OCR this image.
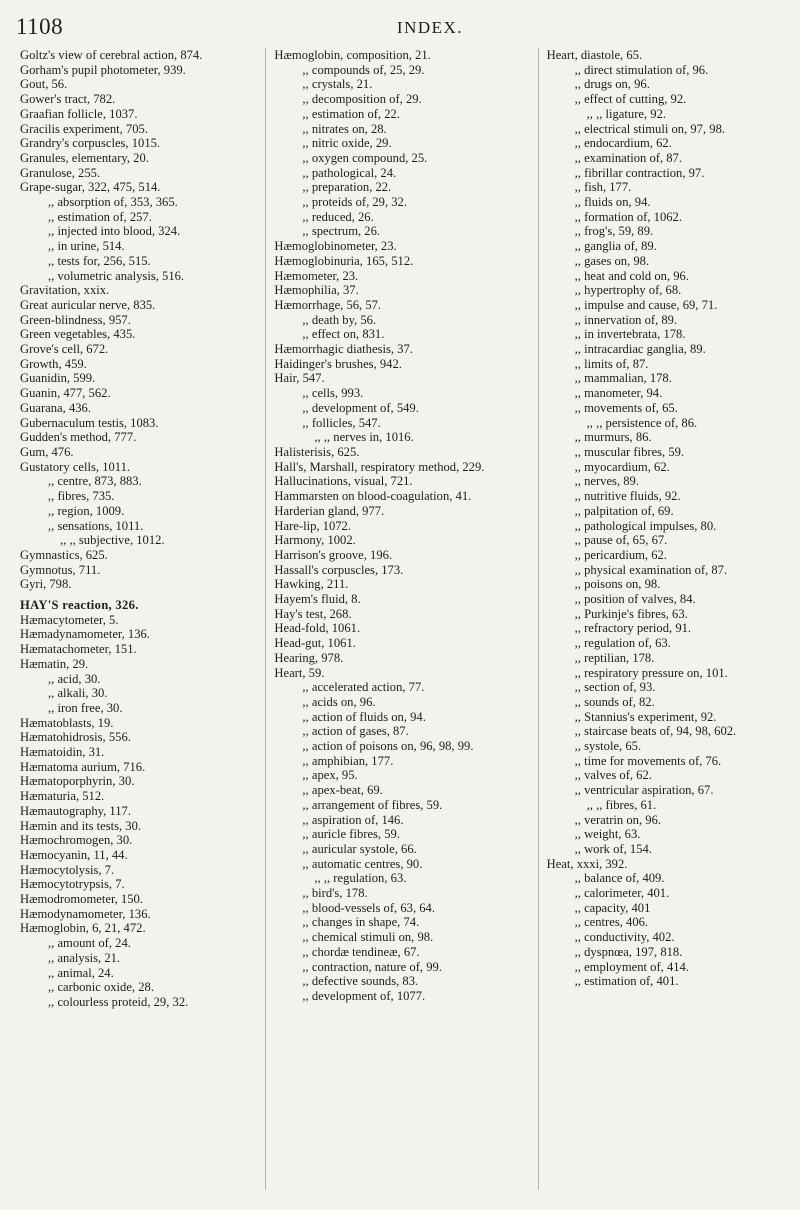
1108	INDEX.

Goltz's view of cerebral action, 874.

Gorham's pupil photometer, 939.

Gout, 56.

Gower's tract, 782.

Graafian follicle, 1037.

Gracilis experiment, 705.

Grandry's corpuscles, 1015.

Granules, elementary, 20.

Granulose, 255.

Grape-sugar, 322, 475, 514.

,, absorption of, 353, 365.

,, estimation of, 257.

,, injected into blood, 324.

,, in urine, 514.

,, tests for, 256, 515.

,, volumetric analysis, 516.

Gravitation, xxix.

Great auricular nerve, 835.

Green-blindness, 957.

Green vegetables, 435.

Grove's cell, 672.

Growth, 459.

Guanidin, 599.

Guanin, 477, 562.

Guarana, 436.

Gubernaculum testis, 1083.

Gudden's method, 777.

Gum, 476.

Gustatory cells, 1011.

,, centre, 873, 883.

,, fibres, 735.

,, region, 1009.

,, sensations, 1011.

,, ,, subjective, 1012.

Gymnastics, 625.

Gymnotus, 711.

Gyri, 798.

HAY'S reaction, 326.

Hæmacytometer, 5.

Hæmadynamometer, 136.

Hæmatachometer, 151.

Hæmatin, 29.

,, acid, 30.

,, alkali, 30.

,, iron free, 30.

Hæmatoblasts, 19.

Hæmatohidrosis, 556.

Hæmatoidin, 31.

Hæmatoma aurium, 716.

Hæmatoporphyrin, 30.

Hæmaturia, 512.

Hæmautography, 117.

Hæmin and its tests, 30.

Hæmochromogen, 30.

Hæmocyanin, 11, 44.

Hæmocytolysis, 7.

Hæmocytotrypsis, 7.

Hæmodromometer, 150.

Hæmodynamometer, 136.

Hæmoglobin, 6, 21, 472.

,, amount of, 24.

,, analysis, 21.

,, animal, 24.

,, carbonic oxide, 28.

,, colourless proteid, 29, 32.

Hæmoglobin, composition, 21.

,, compounds of, 25, 29.

,, crystals, 21.

,, decomposition of, 29.

,, estimation of, 22.

,, nitrates on, 28.

,, nitric oxide, 29.

,, oxygen compound, 25.

,, pathological, 24.

,, preparation, 22.

,, proteids of, 29, 32.

,, reduced, 26.

,, spectrum, 26.

Hæmoglobinometer, 23.

Hæmoglobinuria, 165, 512.

Hæmometer, 23.

Hæmophilia, 37.

Hæmorrhage, 56, 57.

,, death by, 56.

,, effect on, 831.

Hæmorrhagic diathesis, 37.

Haidinger's brushes, 942.

Hair, 547.

,, cells, 993.

,, development of, 549.

,, follicles, 547.

,, ,, nerves in, 1016.

Halisterisis, 625.

Hall's, Marshall, respiratory method, 229.

Hallucinations, visual, 721.

Hammarsten on blood-coagulation, 41.

Harderian gland, 977.

Hare-lip, 1072.

Harmony, 1002.

Harrison's groove, 196.

Hassall's corpuscles, 173.

Hawking, 211.

Hayem's fluid, 8.

Hay's test, 268.

Head-fold, 1061.

Head-gut, 1061.

Hearing, 978.

Heart, 59.

,, accelerated action, 77.

,, acids on, 96.

,, action of fluids on, 94.

,, action of gases, 87.

,, action of poisons on, 96, 98, 99.

,, amphibian, 177.

,, apex, 95.

,, apex-beat, 69.

,, arrangement of fibres, 59.

,, aspiration of, 146.

,, auricle fibres, 59.

,, auricular systole, 66.

,, automatic centres, 90.

,, ,, regulation, 63.

,, bird's, 178.

,, blood-vessels of, 63, 64.

,, changes in shape, 74.

,, chemical stimuli on, 98.

,, chordæ tendineæ, 67.

,, contraction, nature of, 99.

,, defective sounds, 83.

,, development of, 1077.

Heart, diastole, 65.

,, direct stimulation of, 96.

,, drugs on, 96.

,, effect of cutting, 92.

,, ,, ligature, 92.

,, electrical stimuli on, 97, 98.

,, endocardium, 62.

,, examination of, 87.

,, fibrillar contraction, 97.

,, fish, 177.

,, fluids on, 94.

,, formation of, 1062.

,, frog's, 59, 89.

,, ganglia of, 89.

,, gases on, 98.

,, heat and cold on, 96.

,, hypertrophy of, 68.

,, impulse and cause, 69, 71.

,, innervation of, 89.

,, in invertebrata, 178.

,, intracardiac ganglia, 89.

,, limits of, 87.

,, mammalian, 178.

,, manometer, 94.

,, movements of, 65.

,, ,, persistence of, 86.

,, murmurs, 86.

,, muscular fibres, 59.

,, myocardium, 62.

,, nerves, 89.

,, nutritive fluids, 92.

,, palpitation of, 69.

,, pathological impulses, 80.

,, pause of, 65, 67.

,, pericardium, 62.

,, physical examination of, 87.

,, poisons on, 98.

,, position of valves, 84.

,, Purkinje's fibres, 63.

,, refractory period, 91.

,, regulation of, 63.

,, reptilian, 178.

,, respiratory pressure on, 101.

,, section of, 93.

,, sounds of, 82.

,, Stannius's experiment, 92.

,, staircase beats of, 94, 98, 602.

,, systole, 65.

,, time for movements of, 76.

,, valves of, 62.

,, ventricular aspiration, 67.

,, ,, fibres, 61.

,, veratrin on, 96.

,, weight, 63.

,, work of, 154.

Heat, xxxi, 392.

,, balance of, 409.

,, calorimeter, 401.

,, capacity, 401

,, centres, 406.

,, conductivity, 402.

,, dyspnœa, 197, 818.

,, employment of, 414.

,, estimation of, 401.
